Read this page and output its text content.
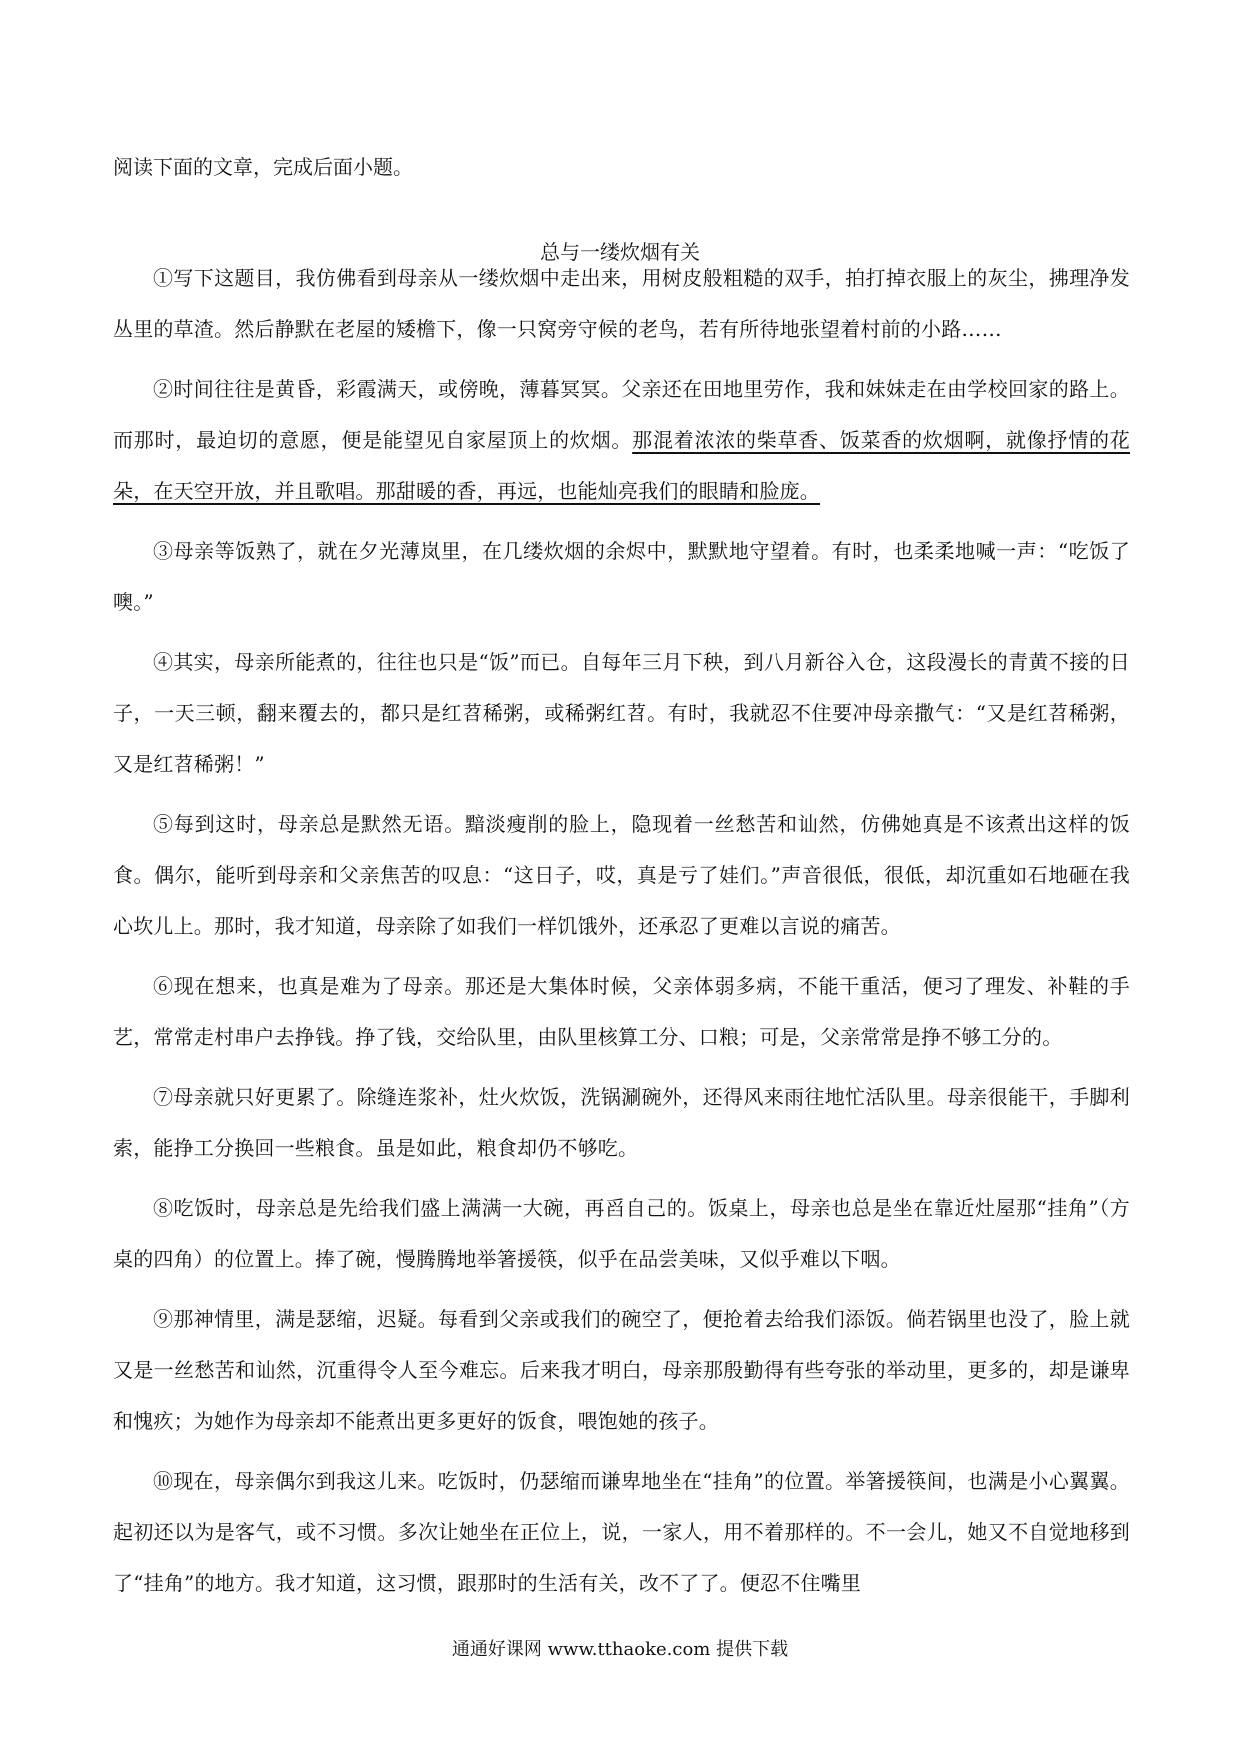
阅读下面的文章，完成后面小题。
总与一缕炊烟有关

①写下这题目，我仿佛看到母亲从一缕炊烟中走出来，用树皮般粗糙的双手，拍打掉衣服上的灰尘，拂理净发丛里的草渣。然后静默在老屋的矮檐下，像一只窝旁守候的老鸟，若有所待地张望着村前的小路……

②时间往往是黄昏，彩霞满天，或傍晚，薄暮冥冥。父亲还在田地里劳作，我和妹妹走在由学校回家的路上。而那时，最迫切的意愿，便是能望见自家屋顶上的炊烟。那混着浓浓的柴草香、饭菜香的炊烟啊，就像抒情的花朵，在天空开放，并且歌唱。那甜暖的香，再远，也能灿亮我们的眼睛和脸庞。

③母亲等饭熟了，就在夕光薄岚里，在几缕炊烟的余烬中，默默地守望着。有时，也柔柔地喊一声：“吃饭了噢。”

④其实，母亲所能煮的，往往也只是“饭”而已。自每年三月下秧，到八月新谷入仓，这段漫长的青黄不接的日子，一天三顿，翻来覆去的，都只是红苕稀粥，或稀粥红苕。有时，我就忍不住要冲母亲撒气：“又是红苕稀粥，又是红苕稀粥！”

⑤每到这时，母亲总是默然无语。黯淡瘦削的脸上，隐现着一丝愁苦和讪然，仿佛她真是不该煮出这样的饭食。偶尔，能听到母亲和父亲焦苦的叹息：“这日子，哎，真是亏了娃们。”声音很低，很低，却沉重如石地砸在我心坎儿上。那时，我才知道，母亲除了如我们一样饥饿外，还承忍了更难以言说的痛苦。

⑥现在想来，也真是难为了母亲。那还是大集体时候，父亲体弱多病，不能干重活，便习了理发、补鞋的手艺，常常走村串户去挣钱。挣了钱，交给队里，由队里核算工分、口粮；可是，父亲常常是挣不够工分的。

⑦母亲就只好更累了。除缝连浆补，灶火炊饭，洗锅涮碗外，还得风来雨往地忙活队里。母亲很能干，手脚利索，能挣工分换回一些粮食。虽是如此，粮食却仍不够吃。

⑧吃饭时，母亲总是先给我们盛上满满一大碗，再舀自己的。饭桌上，母亲也总是坐在靠近灶屋那“挂角”（方桌的四角）的位置上。捧了碗，慢腾腾地举箸援筷，似乎在品尝美味，又似乎难以下咽。

⑨那神情里，满是瑟缩，迟疑。每看到父亲或我们的碗空了，便抢着去给我们添饭。倘若锅里也没了，脸上就又是一丝愁苦和讪然，沉重得令人至今难忘。后来我才明白，母亲那殷勤得有些夸张的举动里，更多的，却是谦卑和愧疚；为她作为母亲却不能煮出更多更好的饭食，喂饱她的孩子。

⑩现在，母亲偶尔到我这儿来。吃饭时，仍瑟缩而谦卑地坐在“挂角”的位置。举箸援筷间，也满是小心翼翼。起初还以为是客气，或不习惯。多次让她坐在正位上，说，一家人，用不着那样的。不一会儿，她又不自觉地移到了“挂角”的地方。我才知道，这习惯，跟那时的生活有关，改不了了。便忍不住嘴里

通通好课网 www.tthaoke.com 提供下载
